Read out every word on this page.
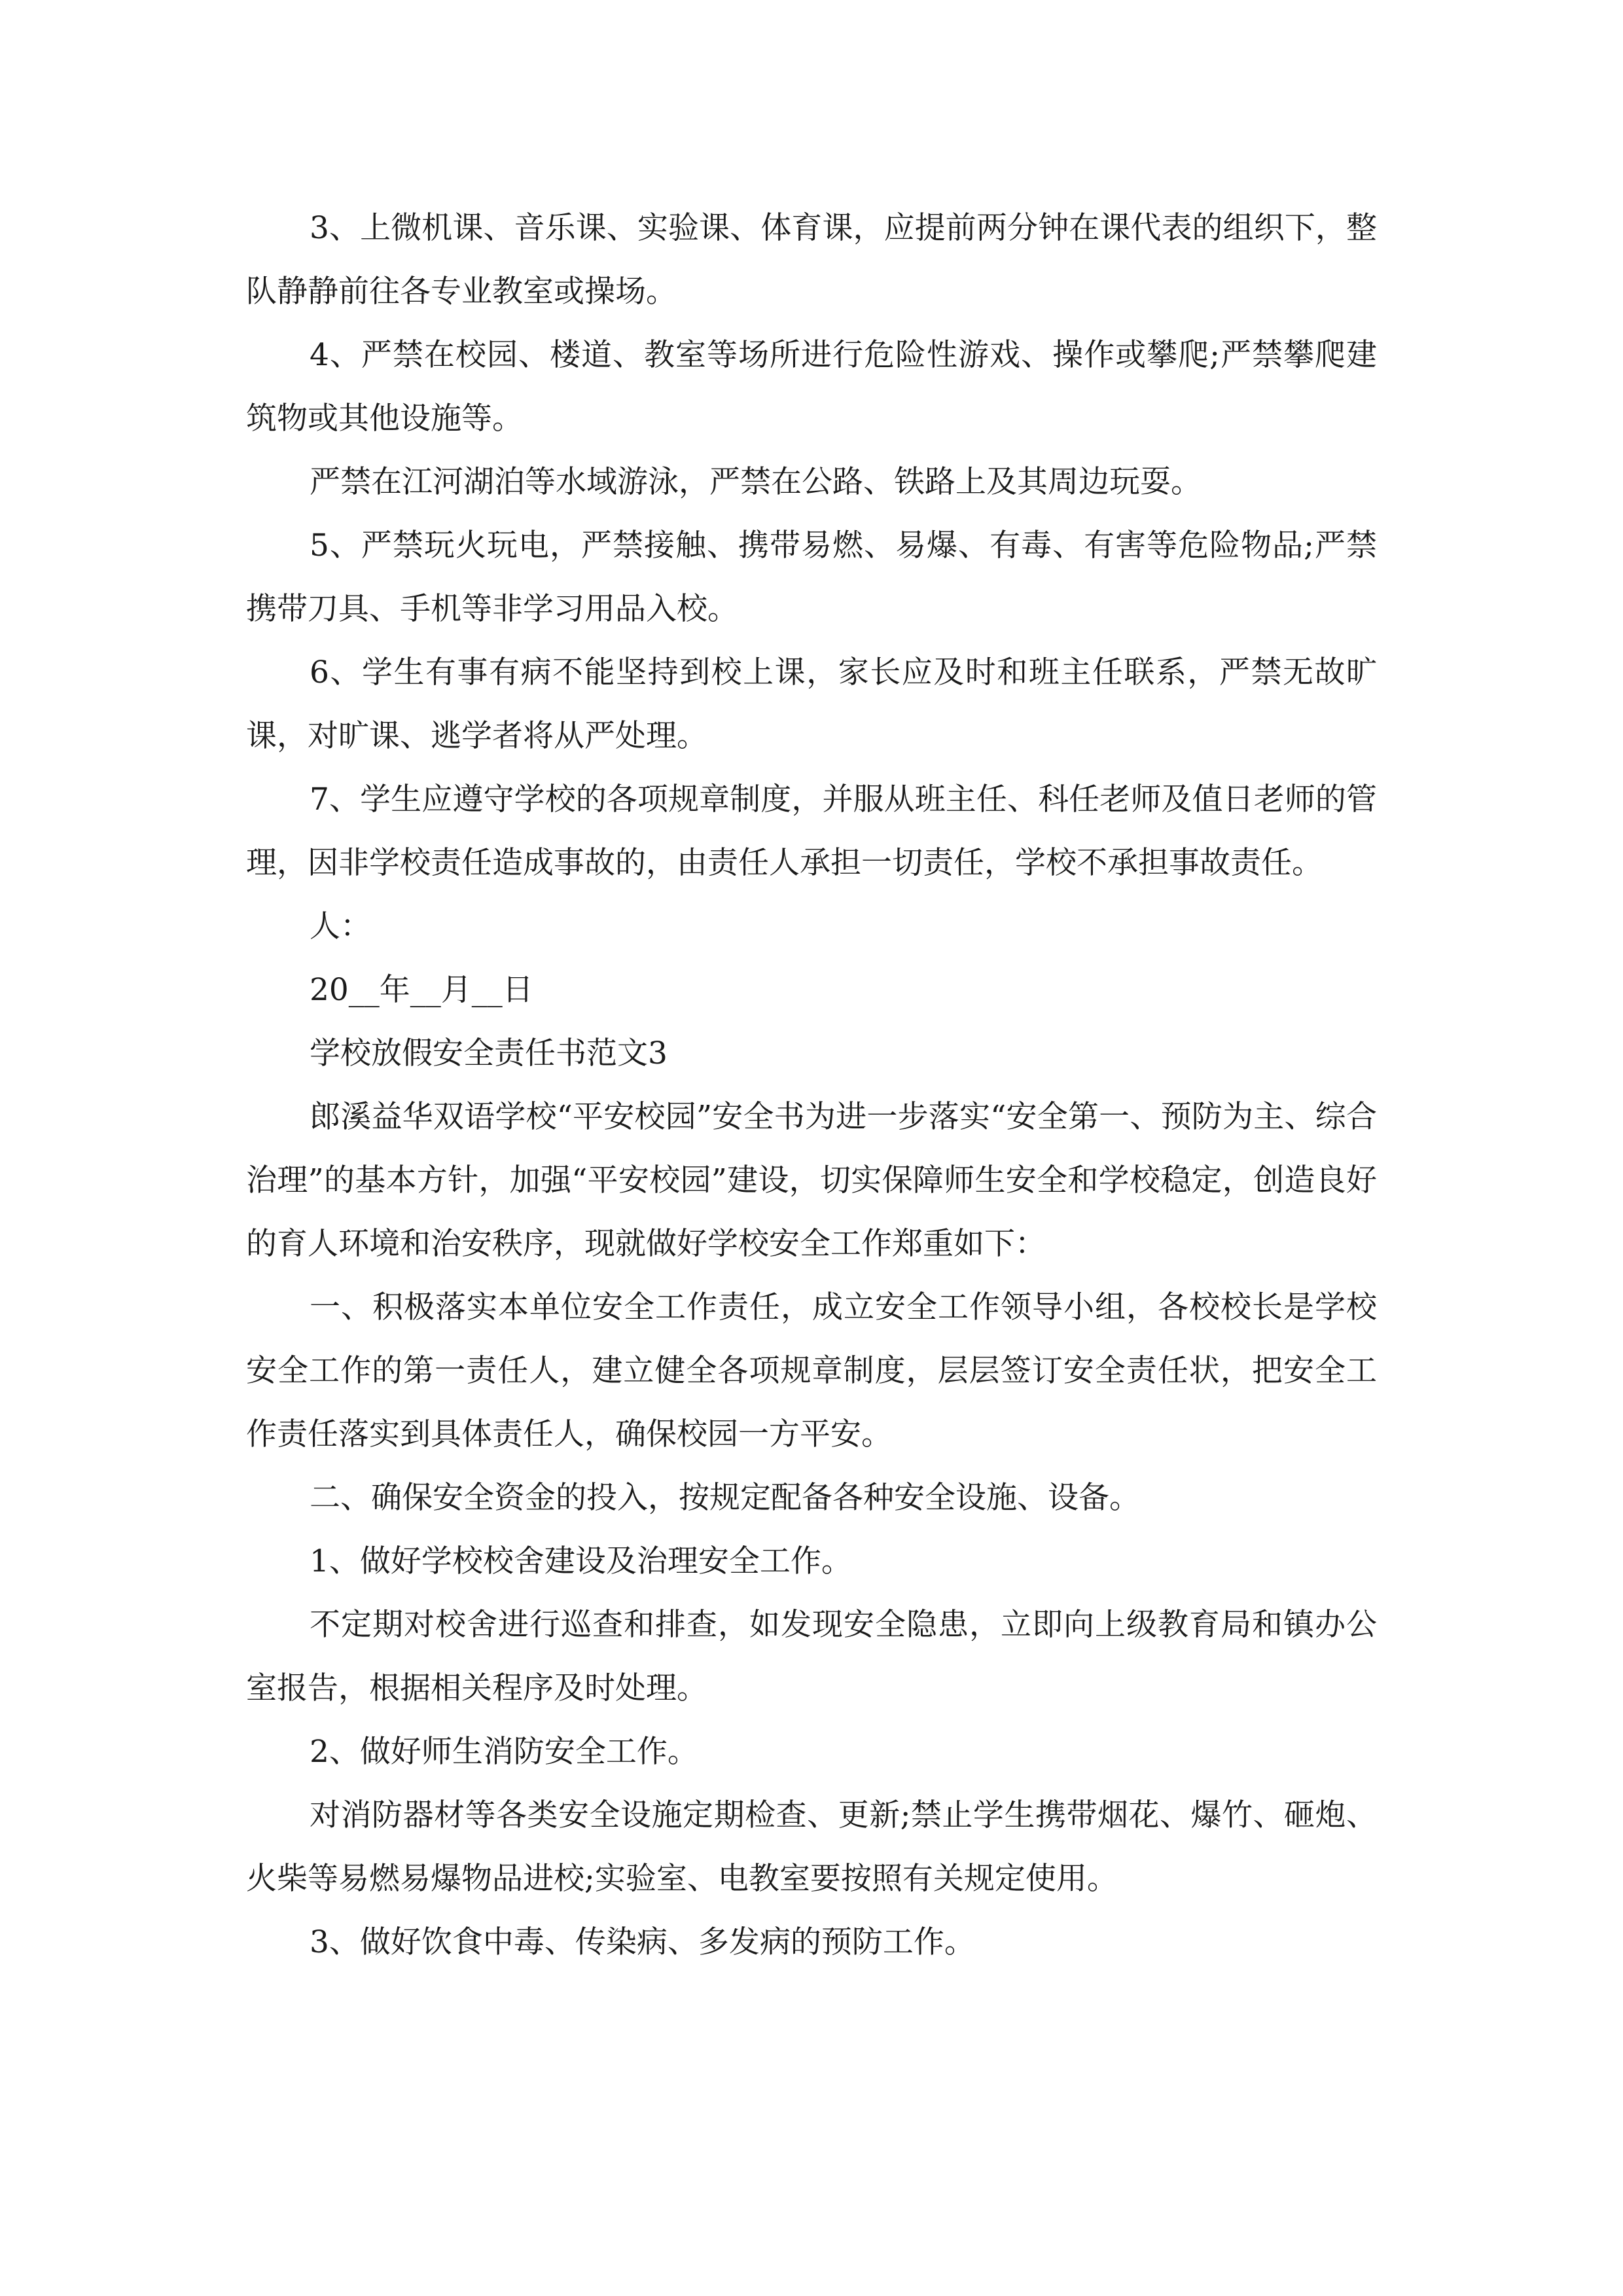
3、上微机课、音乐课、实验课、体育课，应提前两分钟在课代表的组织下，整队静静前往各专业教室或操场。

4、严禁在校园、楼道、教室等场所进行危险性游戏、操作或攀爬;严禁攀爬建筑物或其他设施等。

严禁在江河湖泊等水域游泳，严禁在公路、铁路上及其周边玩耍。

5、严禁玩火玩电，严禁接触、携带易燃、易爆、有毒、有害等危险物品;严禁携带刀具、手机等非学习用品入校。

6、学生有事有病不能坚持到校上课，家长应及时和班主任联系，严禁无故旷课，对旷课、逃学者将从严处理。

7、学生应遵守学校的各项规章制度，并服从班主任、科任老师及值日老师的管理，因非学校责任造成事故的，由责任人承担一切责任，学校不承担事故责任。

人：

20__年__月__日

学校放假安全责任书范文3

郎溪益华双语学校“平安校园”安全书为进一步落实“安全第一、预防为主、综合治理”的基本方针，加强“平安校园”建设，切实保障师生安全和学校稳定，创造良好的育人环境和治安秩序，现就做好学校安全工作郑重如下：

一、积极落实本单位安全工作责任，成立安全工作领导小组，各校校长是学校安全工作的第一责任人，建立健全各项规章制度，层层签订安全责任状，把安全工作责任落实到具体责任人，确保校园一方平安。

二、确保安全资金的投入，按规定配备各种安全设施、设备。

1、做好学校校舍建设及治理安全工作。

不定期对校舍进行巡查和排查，如发现安全隐患，立即向上级教育局和镇办公室报告，根据相关程序及时处理。

2、做好师生消防安全工作。

对消防器材等各类安全设施定期检查、更新;禁止学生携带烟花、爆竹、砸炮、火柴等易燃易爆物品进校;实验室、电教室要按照有关规定使用。

3、做好饮食中毒、传染病、多发病的预防工作。
